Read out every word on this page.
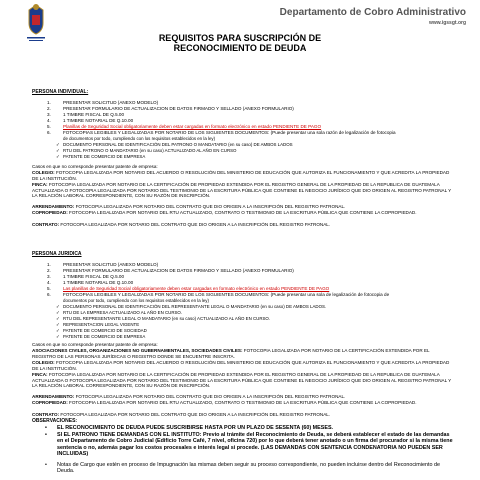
Departamento de Cobro Administrativo
www.igssgt.org
REQUISITOS PARA SUSCRIPCIÓN DE
RECONOCIMIENTO DE DEUDA
PERSONA INDIVIDUAL:
1.	PRESENTAR SOLICITUD (ANEXO MODELO)
2.	PRESENTAR FORMULARIO DE ACTUALIZACION DE DATOS FIRMADO Y SELLADO (ANEXO FORMULARIO)
3.	1 TIMBRE FISCAL DE Q.5.00
4.	1 TIMBRE NOTARIAL DE Q.10.00
5.	Planillas de Seguridad Social obligatoriamente deben estar cargadas en formato electrónico en estado PENDIENTE DE PAGO
6.	FOTOCOPIAS LEGIBLES Y LEGALIZADAS POR NOTARIO DE LOS SIGUIENTES DOCUMENTOS: (Puede presentar una sola razón de legalización de fotocopia
de documentos por todo, cumpliendo con los requisitos establecidos en la ley)
✓ DOCUMENTO PERSONAL DE IDENTIFICACIÓN DEL PATRONO O MANDATARIO (en su caso) DE AMBOS LADOS
✓ RTU DEL PATRONO O MANDATARIO (en su caso) ACTUALIZADO AL AÑO EN CURSO
✓ PATENTE DE COMERCIO DE EMPRESA
Casos en que no corresponde presentar patente de empresa:
COLEGIO: FOTOCOPIA LEGALIZADA POR NOTARIO DEL ACUERDO O RESOLUCIÓN DEL MINISTERIO DE EDUCACIÓN QUE AUTORIZA EL FUNCIONAMIENTO Y QUE ACREDITA LA PROPIEDAD DE LA INSTITUCIÓN.
FINCA: FOTOCOPIA LEGALIZADA POR NOTARIO DE LA CERTIFICACIÓN DE PROPIEDAD EXTENDIDA POR EL REGISTRO GENERAL DE LA PROPIEDAD DE LA REPUBLICA DE GUATEMALA ACTUALIZADA O FOTOCOPIA LEGALIZADA POR NOTARIO DEL TESTIMONIO DE LA ESCRITURA PÚBLICA QUE CONTIENE EL NEGOCIO JURÍDICO QUE DIO ORIGEN AL REGISTRO PATRONAL Y LA RELACIÓN LABORAL CORRESPONDIENTE, CON SU RAZÓN DE INSCRIPCIÓN.
ARRENDAMIENTO: FOTOCOPIA LEGALIZADA POR NOTARIO DEL CONTRATO QUE DIO ORIGEN A LA INSCRIPCIÓN DEL REGISTRO PATRONAL.
COPROPIEDAD: FOTOCOPIA LEGALIZADA POR NOTARIO DEL RTU ACTUALIZADO, CONTRATO O TESTIMONIO DE LA ESCRITURA PÚBLICA QUE CONTIENE LA COPROPIEDAD.
CONTRATO: FOTOCOPIA LEGALIZADA POR NOTARIO DEL CONTRATO QUE DIO ORIGEN A LA INSCRIPCIÓN DEL REGISTRO PATRONAL.
PERSONA JURIDICA
1.	PRESENTAR SOLICITUD (ANEXO MODELO)
2.	PRESENTAR FORMULARIO DE ACTUALIZACION DE DATOS FIRMADO Y SELLADO (ANEXO FORMULARIO)
3.	1 TIMBRE FISCAL DE Q.5.00
4.	1 TIMBRE NOTARIAL DE Q.10.00
5.	Las planillas de Seguridad Social obligatoriamente deben estar cargadas en formato electrónico en estado PENDIENTE DE PAGO
6.	FOTOCOPIAS LEGIBLES Y LEGALIZADAS POR NOTARIO DE LOS SIGUIENTES DOCUMENTOS: (Puede presentar una sola de legalización de fotocopia de
documentos por todo, cumpliendo con los requisitos establecidos en la ley)
✓ DOCUMENTO PERSONAL DE IDENTIFICACIÓN DEL REPRESENTANTE LEGAL O MANDATARIO (en su caso) DE AMBOS LADOS.
✓ RTU DE LA EMPRESA ACTUALIZADO AL AÑO EN CURSO.
✓ RTU DEL REPRESENTANTE LEGAL O MANDATARIO (en su caso) ACTUALIZADO AL AÑO EN CURSO.
✓ REPRESENTACION LEGAL VIGENTE
✓ PATENTE DE COMERCIO DE SOCIEDAD
✓ PATENTE DE COMERCIO DE EMPRESA
Casos en que no corresponde presentar patente de empresa:
ASOCIACIONES CIVILES, ORGANIZACIONES NO GUBERNAMENTALES, SOCIEDADES CIVILES: FOTOCOPIA LEGALIZADA POR NOTARIO DE LA CERTIFICACIÓN EXTENDIDA POR EL REGISTRO DE LAS PERSONAS JURÍDICAS O REGISTRO DONDE SE ENCUENTRE INSCRITA.
COLEGIO: FOTOCOPIA LEGALIZADA POR NOTARIO DEL ACUERDO O RESOLUCIÓN DEL MINISTERIO DE EDUCACIÓN QUE AUTORIZA EL FUNCIONAMIENTO Y QUE ACREDITA LA PROPIEDAD DE LA INSTITUCIÓN.
FINCA: FOTOCOPIA LEGALIZADA POR NOTARIO DE LA CERTIFICACIÓN DE PROPIEDAD EXTENDIDA POR EL REGISTRO GENERAL DE LA PROPIEDAD DE LA REPUBLICA DE GUATEMALA ACTUALIZADA O FOTOCOPIA LEGALIZADA POR NOTARIO DEL TESTIMONIO DE LA ESCRITURA PÚBLICA QUE CONTIENE EL NEGOCIO JURÍDICO QUE DIO ORIGEN AL REGISTRO PATRONAL Y LA RELACIÓN LABORAL CORRESPONDIENTE, CON SU RAZÓN DE INSCRIPCIÓN.
ARRENDAMIENTO: FOTOCOPIA LEGALIZADA POR NOTARIO DEL CONTRATO QUE DIO ORIGEN A LA INSCRIPCIÓN DEL REGISTRO PATRONAL.
COPROPIEDAD: FOTOCOPIA LEGALIZADA POR NOTARIO DEL RTU ACTUALIZADO, CONTRATO O TESTIMONIO DE LA ESCRITURA PÚBLICA QUE CONTIENE LA COPROPIEDAD.
CONTRATO: FOTOCOPIA LEGALIZADA POR NOTARIO DEL CONTRATO QUE DIO ORIGEN A LA INSCRIPCIÓN DEL REGISTRO PATRONAL.
OBSERVACIONES:
• EL RECONOCIMIENTO DE DEUDA PUEDE SUSCRIBIRSE HASTA POR UN PLAZO DE SESENTA (60) MESES.
• SI EL PATRONO TIENE DEMANDAS CON EL INSTITUTO: Previo al trámite del Reconocimiento de Deuda, se deberá establecer el estado de las demandas en el Departamento de Cobro Judicial (Edificio Torre Café, 7 nivel, oficina 720) por lo que deberá tener anotado o un firma del procurador si la misma tiene sentencia o no, además pagar los costos procesales e interés legal si procede. (LAS DEMANDAS CON SENTENCIA CONDENATORIA NO PUEDEN SER INCLUIDAS)
• Notas de Cargo que estén en proceso de Impugnación las mismas deben seguir su proceso correspondiente, no pueden incluirse dentro del Reconocimiento de Deuda.
